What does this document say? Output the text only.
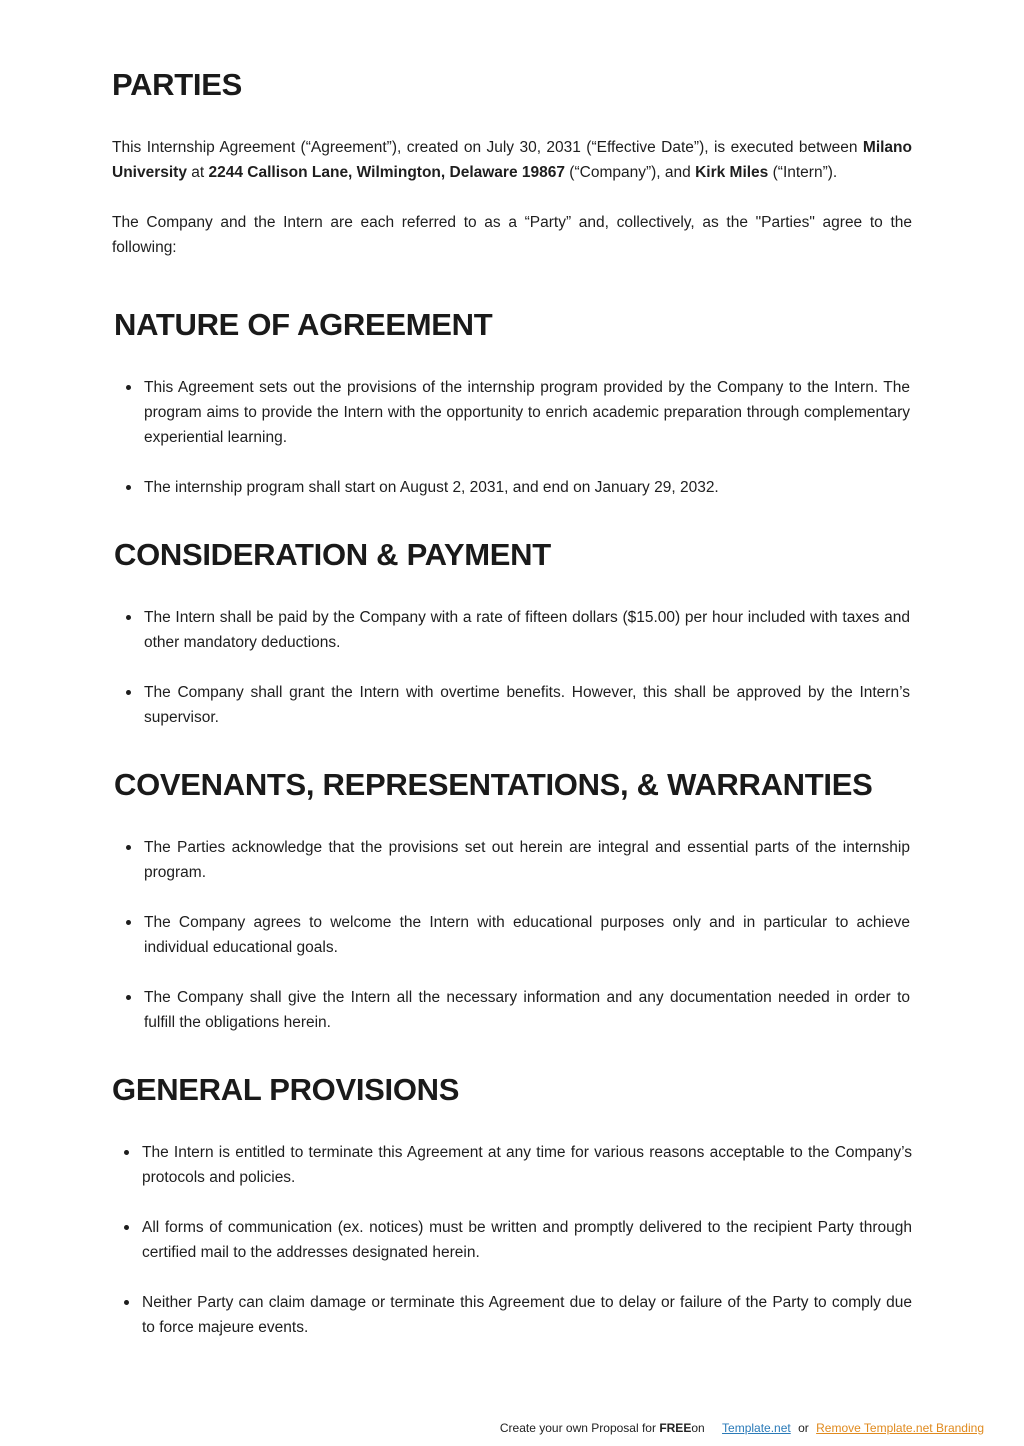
PARTIES

This Internship Agreement (“Agreement”), created on July 30, 2031 (“Effective Date”), is executed between Milano University at 2244 Callison Lane, Wilmington, Delaware 19867 (“Company”), and Kirk Miles (“Intern”).

The Company and the Intern are each referred to as a “Party” and, collectively, as the "Parties" agree to the following:

NATURE OF AGREEMENT
This Agreement sets out the provisions of the internship program provided by the Company to the Intern. The program aims to provide the Intern with the opportunity to enrich academic preparation through complementary experiential learning.
The internship program shall start on August 2, 2031, and end on January 29, 2032.
CONSIDERATION & PAYMENT
The Intern shall be paid by the Company with a rate of fifteen dollars ($15.00) per hour included with taxes and other mandatory deductions.
The Company shall grant the Intern with overtime benefits. However, this shall be approved by the Intern’s supervisor.
COVENANTS, REPRESENTATIONS, & WARRANTIES
The Parties acknowledge that the provisions set out herein are integral and essential parts of the internship program.
The Company agrees to welcome the Intern with educational purposes only and in particular to achieve individual educational goals.
The Company shall give the Intern all the necessary information and any documentation needed in order to fulfill the obligations herein.
GENERAL PROVISIONS
The Intern is entitled to terminate this Agreement at any time for various reasons acceptable to the Company’s protocols and policies.
All forms of communication (ex. notices) must be written and promptly delivered to the recipient Party through certified mail to the addresses designated herein.
Neither Party can claim damage or terminate this Agreement due to delay or failure of the Party to comply due to force majeure events.
Create your own Proposal for FREEon Template.net or Remove Template.net Branding
